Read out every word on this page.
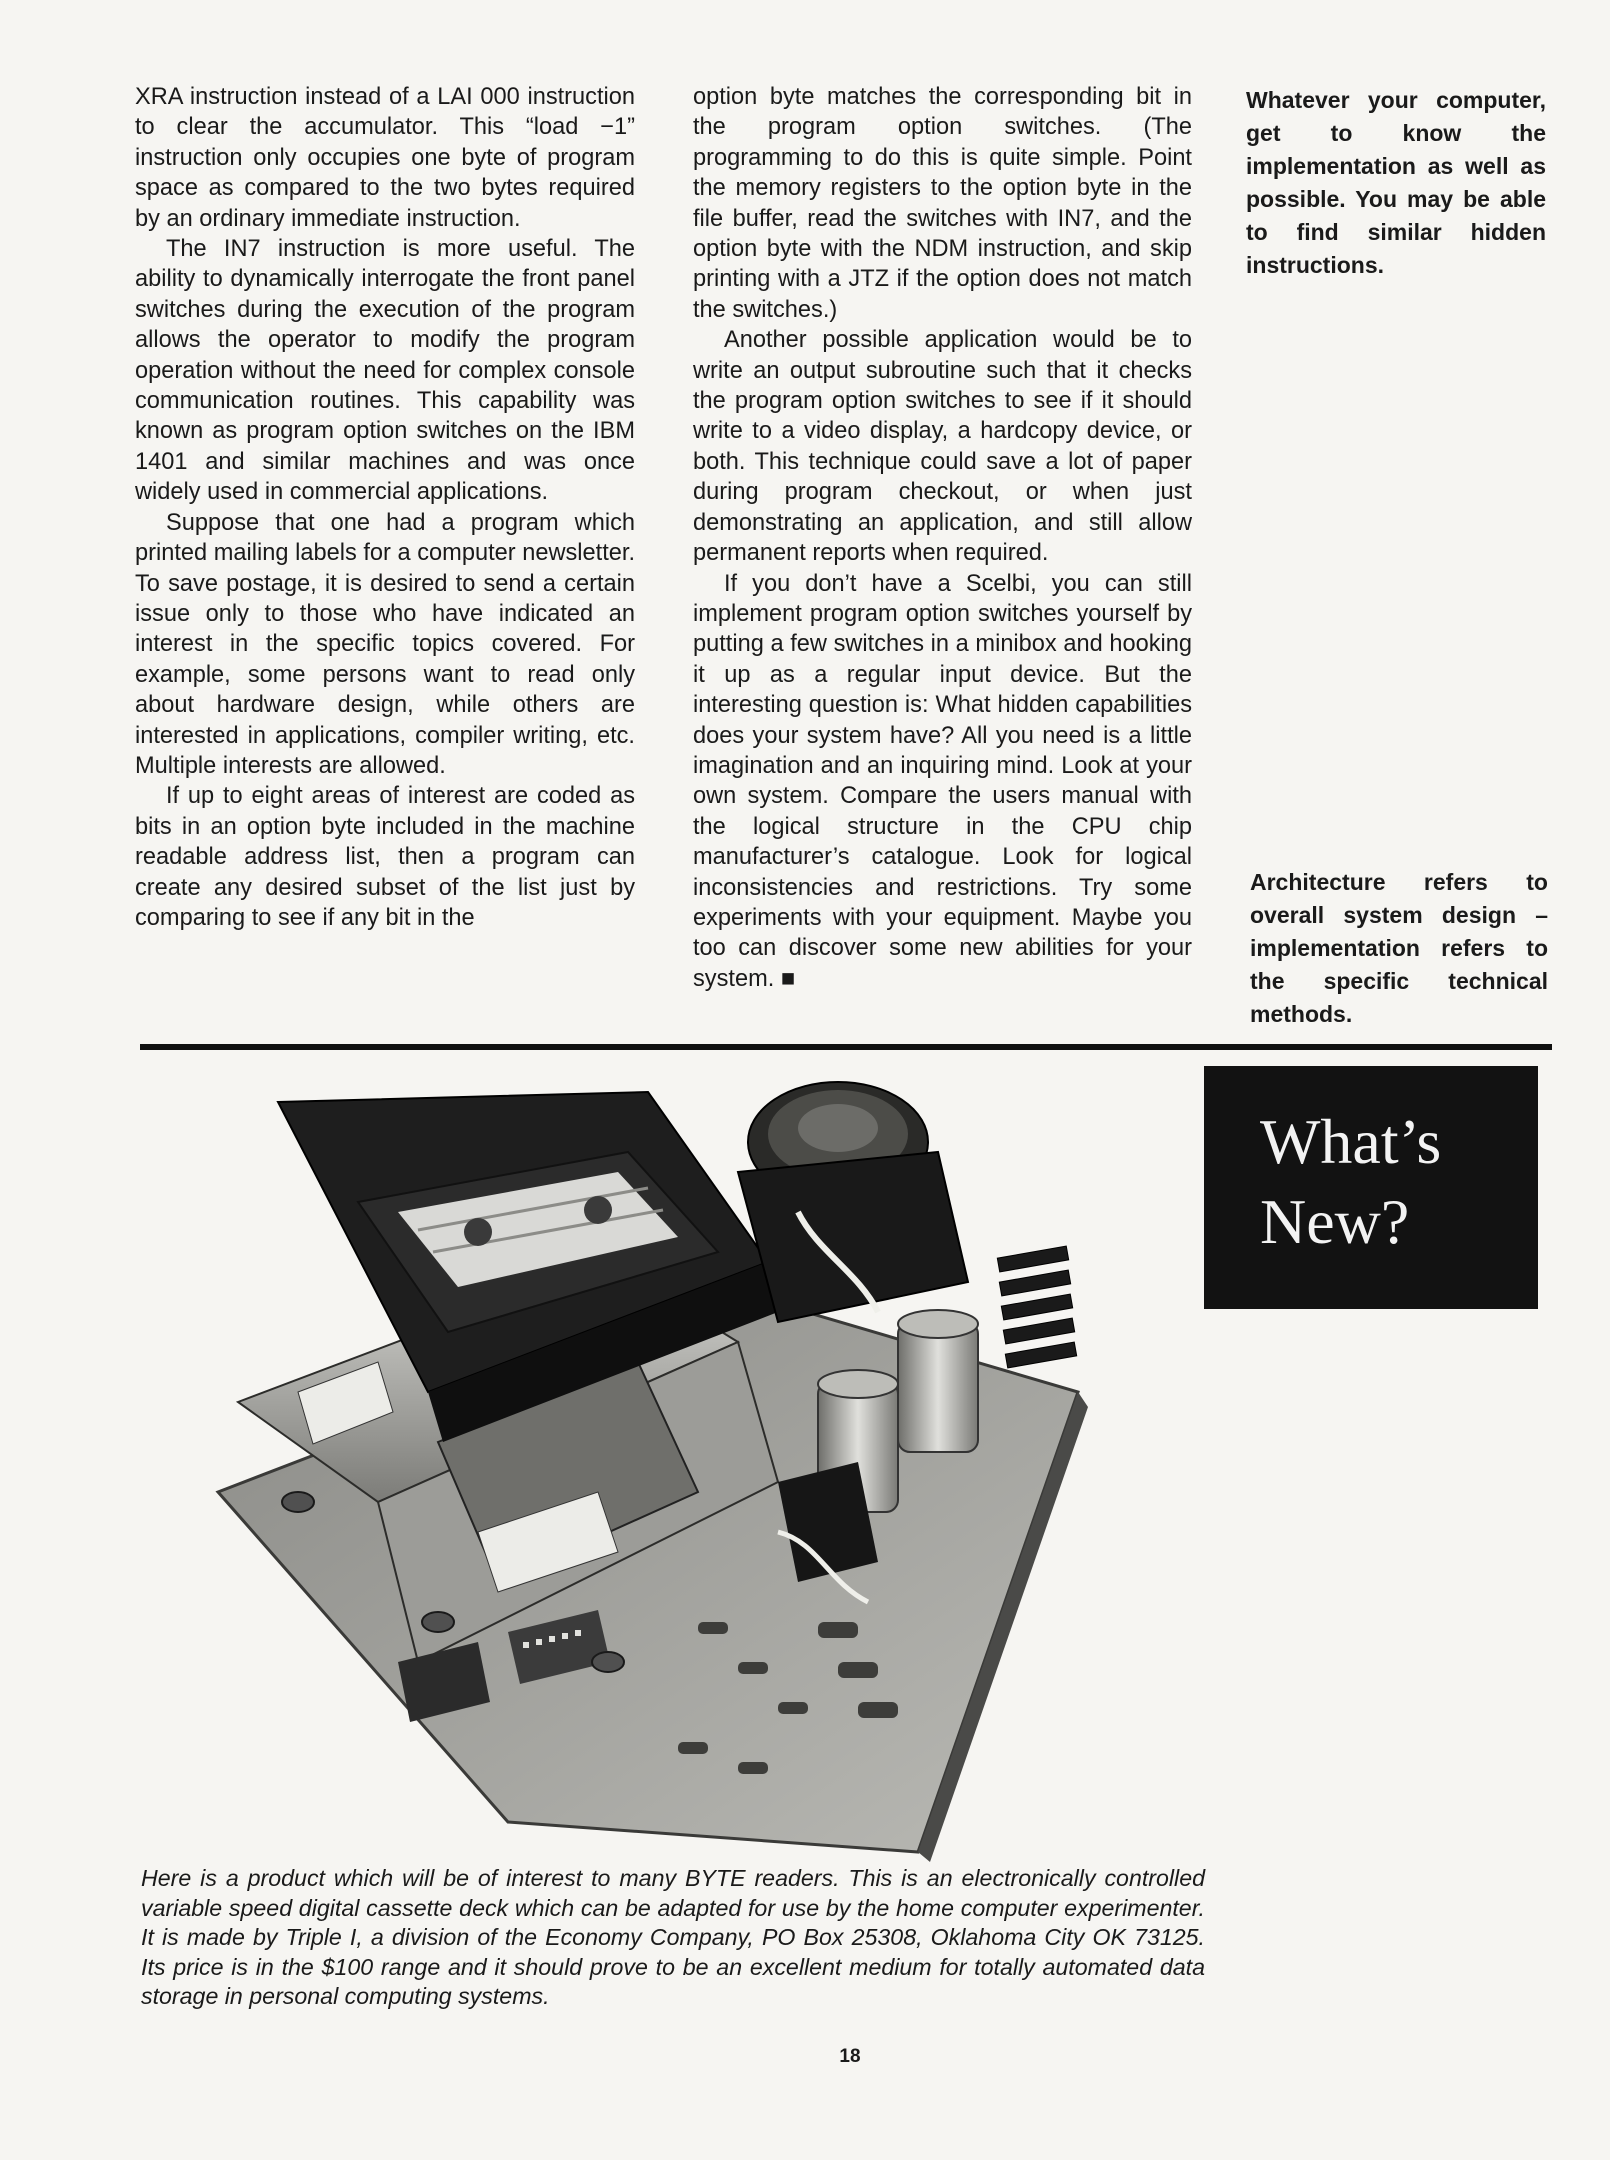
XRA instruction instead of a LAI 000 instruction to clear the accumulator. This “load −1” instruction only occupies one byte of program space as compared to the two bytes required by an ordinary immediate instruction.

The IN7 instruction is more useful. The ability to dynamically interrogate the front panel switches during the execution of the program allows the operator to modify the program operation without the need for complex console communication routines. This capability was known as program option switches on the IBM 1401 and similar machines and was once widely used in commercial applications.

Suppose that one had a program which printed mailing labels for a computer newsletter. To save postage, it is desired to send a certain issue only to those who have indicated an interest in the specific topics covered. For example, some persons want to read only about hardware design, while others are interested in applications, compiler writing, etc. Multiple interests are allowed.

If up to eight areas of interest are coded as bits in an option byte included in the machine readable address list, then a program can create any desired subset of the list just by comparing to see if any bit in the

option byte matches the corresponding bit in the program option switches. (The programming to do this is quite simple. Point the memory registers to the option byte in the file buffer, read the switches with IN7, and the option byte with the NDM instruction, and skip printing with a JTZ if the option does not match the switches.)

Another possible application would be to write an output subroutine such that it checks the program option switches to see if it should write to a video display, a hardcopy device, or both. This technique could save a lot of paper during program checkout, or when just demonstrating an application, and still allow permanent reports when required.

If you don’t have a Scelbi, you can still implement program option switches yourself by putting a few switches in a minibox and hooking it up as a regular input device. But the interesting question is: What hidden capabilities does your system have? All you need is a little imagination and an inquiring mind. Look at your own system. Compare the users manual with the logical structure in the CPU chip manufacturer’s catalogue. Look for logical inconsistencies and restrictions. Try some experiments with your equipment. Maybe you too can discover some new abilities for your system. ■

Whatever your computer, get to know the implementation as well as possible. You may be able to find similar hidden instructions.
Architecture refers to overall system design – implementation refers to the specific technical methods.
What’s
New?
Here is a product which will be of interest to many BYTE readers. This is an electronically controlled variable speed digital cassette deck which can be adapted for use by the home computer experimenter. It is made by Triple I, a division of the Economy Company, PO Box 25308, Oklahoma City OK 73125. Its price is in the $100 range and it should prove to be an excellent medium for totally automated data storage in personal computing systems.
18
